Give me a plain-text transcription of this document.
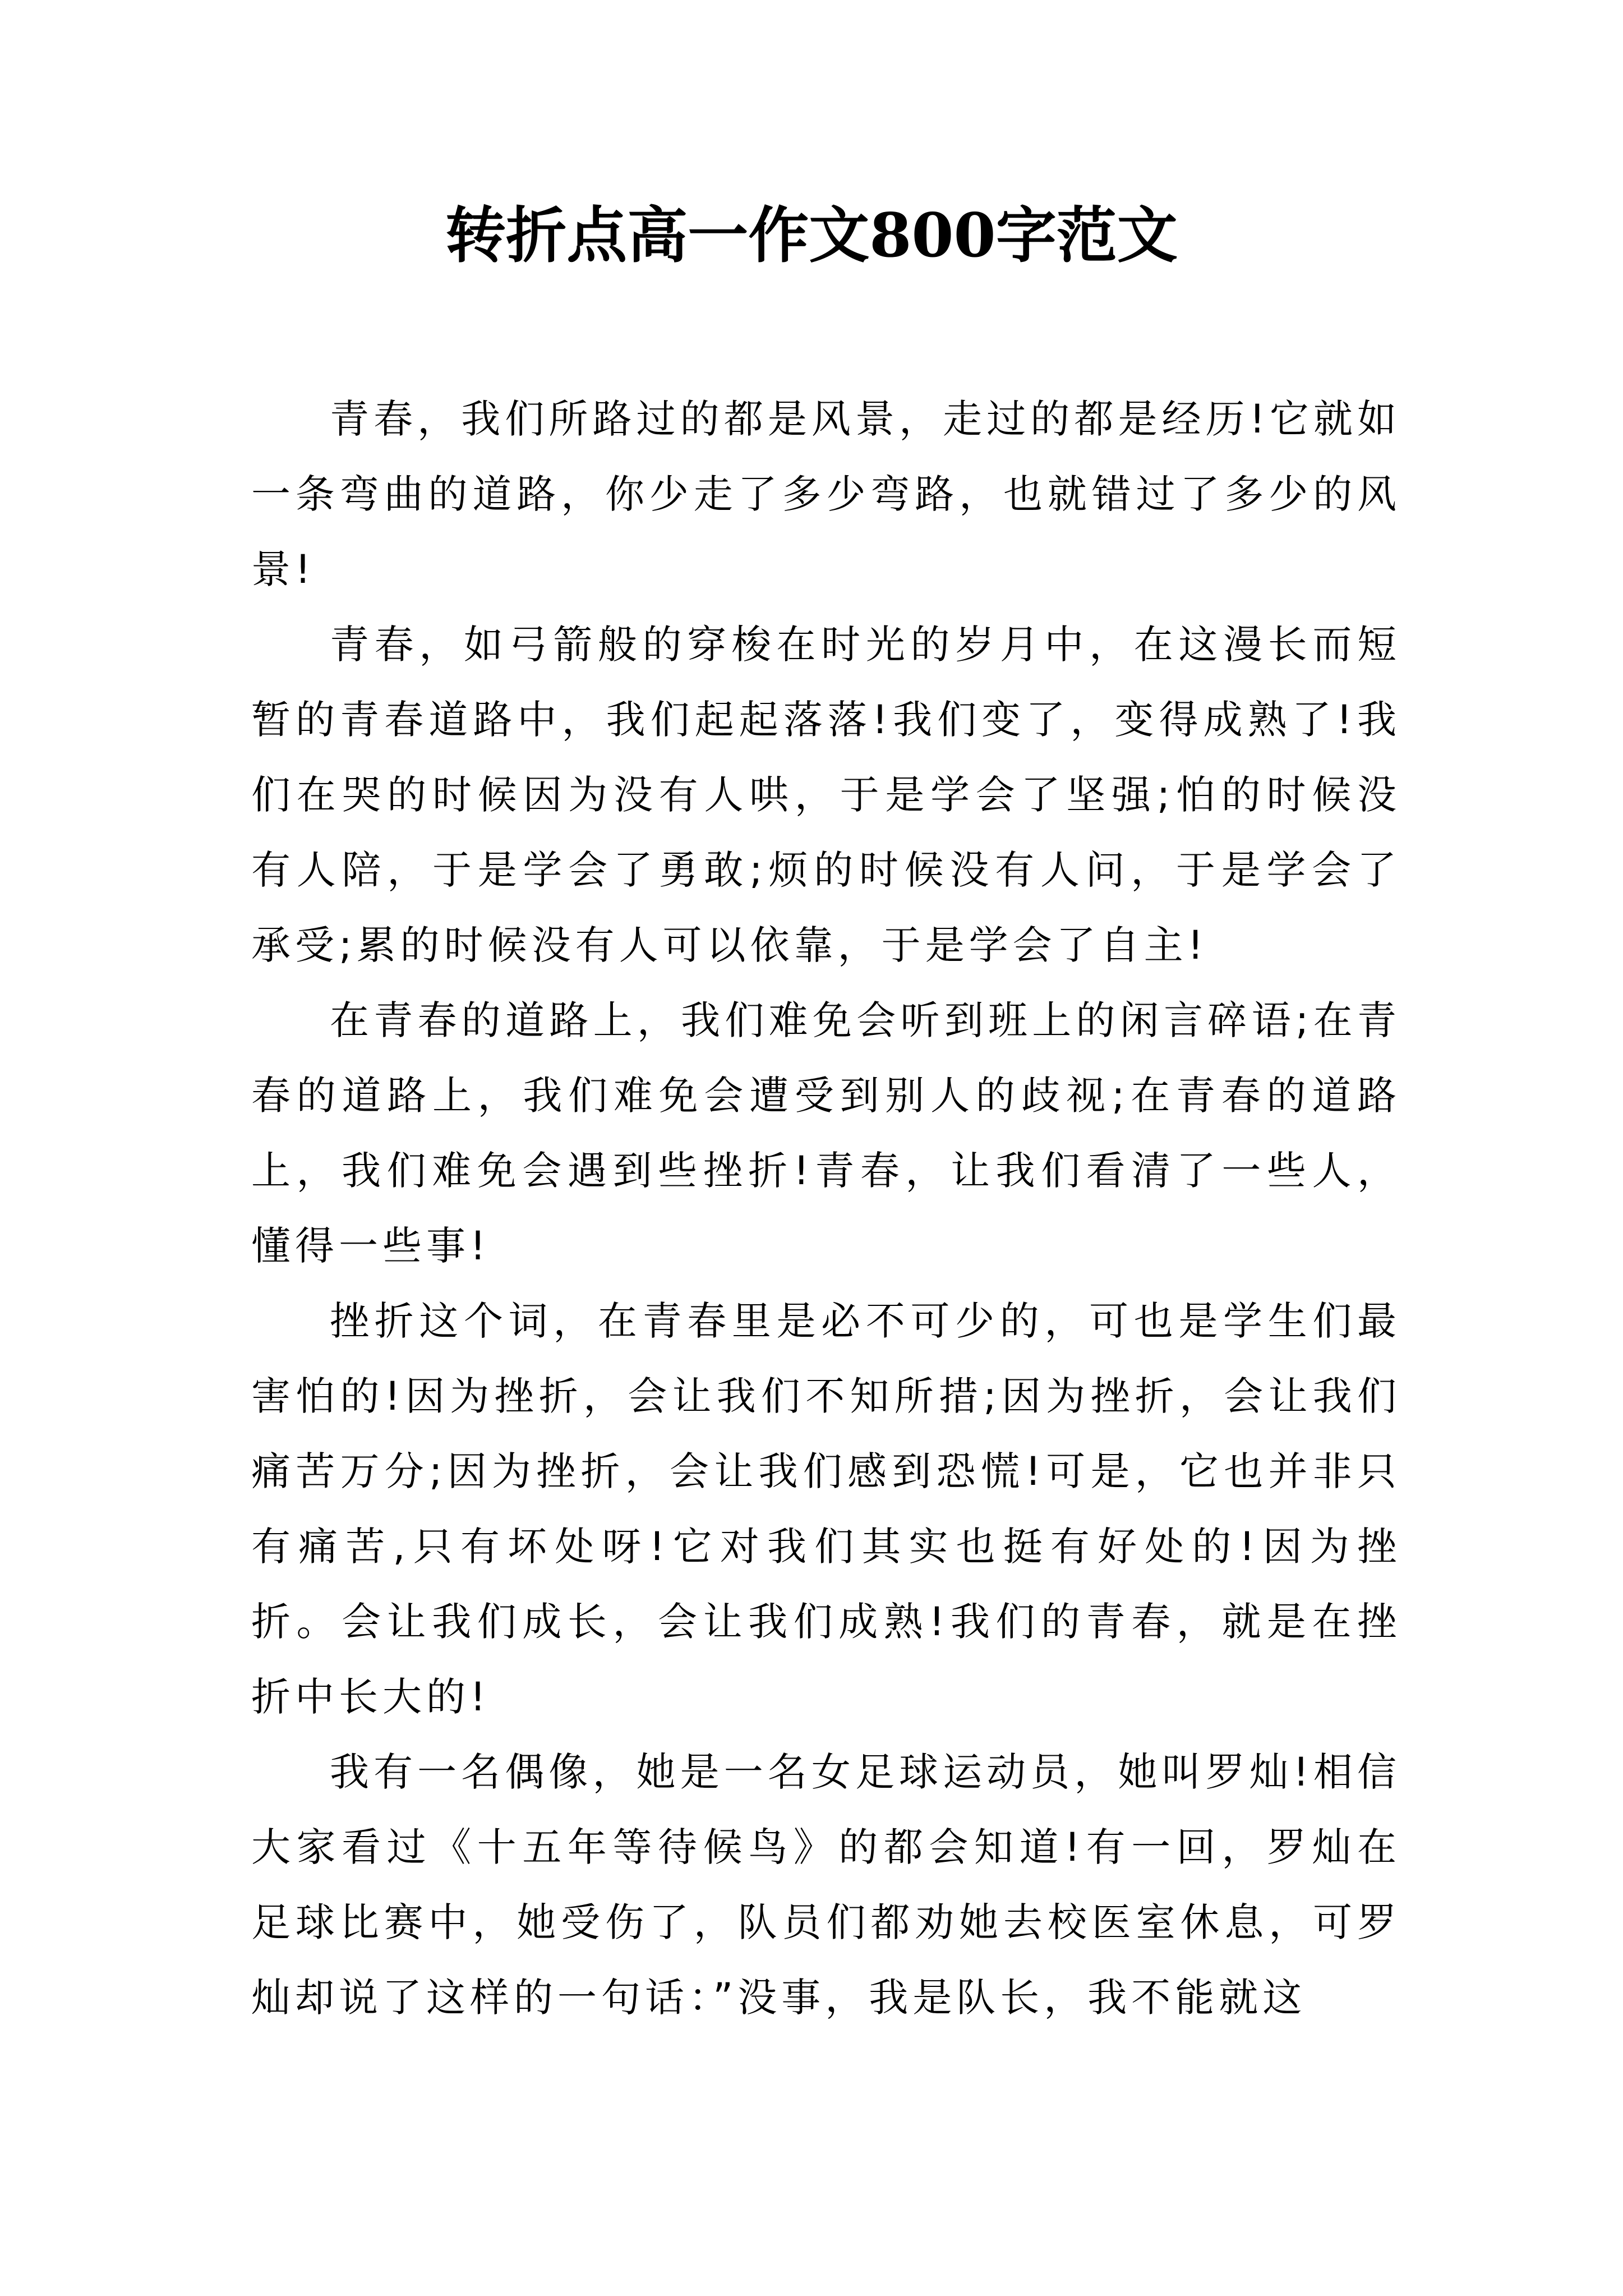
转折点高一作文800字范文

青春，我们所路过的都是风景，走过的都是经历!它就如一条弯曲的道路，你少走了多少弯路，也就错过了多少的风景!

青春，如弓箭般的穿梭在时光的岁月中，在这漫长而短暂的青春道路中，我们起起落落!我们变了，变得成熟了!我们在哭的时候因为没有人哄，于是学会了坚强;怕的时候没有人陪，于是学会了勇敢;烦的时候没有人问，于是学会了承受;累的时候没有人可以依靠，于是学会了自主!

在青春的道路上，我们难免会听到班上的闲言碎语;在青春的道路上，我们难免会遭受到别人的歧视;在青春的道路上，我们难免会遇到些挫折!青春，让我们看清了一些人，懂得一些事!

挫折这个词，在青春里是必不可少的，可也是学生们最害怕的!因为挫折，会让我们不知所措;因为挫折，会让我们痛苦万分;因为挫折，会让我们感到恐慌!可是，它也并非只有痛苦,只有坏处呀!它对我们其实也挺有好处的!因为挫折。会让我们成长，会让我们成熟!我们的青春，就是在挫折中长大的!

我有一名偶像，她是一名女足球运动员，她叫罗灿!相信大家看过《十五年等待候鸟》的都会知道!有一回，罗灿在足球比赛中，她受伤了，队员们都劝她去校医室休息，可罗灿却说了这样的一句话：”没事，我是队长，我不能就这
